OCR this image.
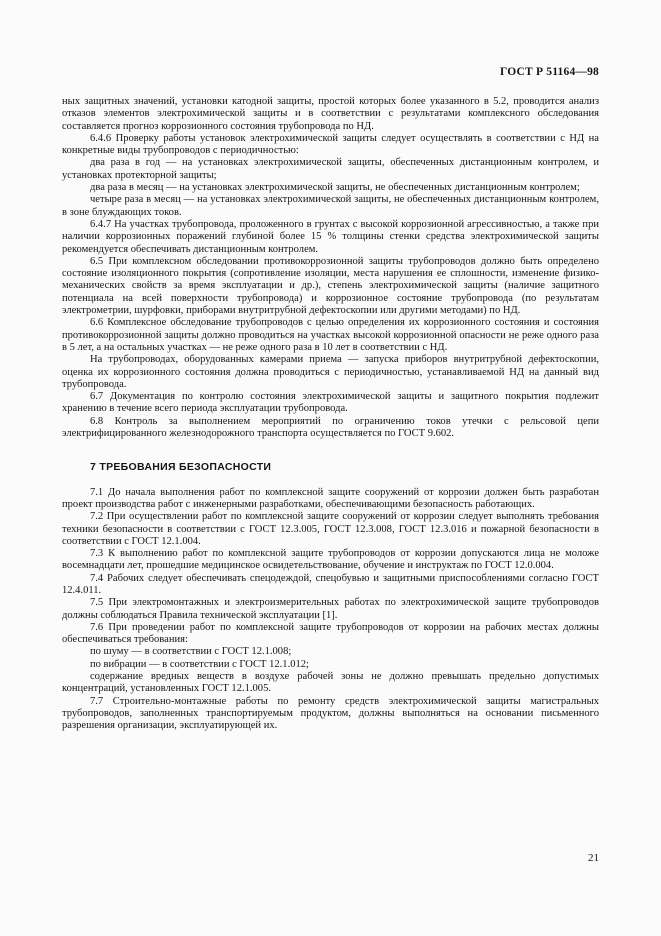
ГОСТ Р 51164—98

ных защитных значений, установки катодной защиты, простой которых более указанного в 5.2, проводится анализ отказов элементов электрохимической защиты и в соответствии с результатами комплексного обследования составляется прогноз коррозионного состояния трубопровода по НД.

6.4.6 Проверку работы установок электрохимической защиты следует осуществлять в соответствии с НД на конкретные виды трубопроводов с периодичностью:

два раза в год — на установках электрохимической защиты, обеспеченных дистанционным контролем, и установках протекторной защиты;

два раза в месяц — на установках электрохимической защиты, не обеспеченных дистанционным контролем;

четыре раза в месяц — на установках электрохимической защиты, не обеспеченных дистанционным контролем, в зоне блуждающих токов.

6.4.7 На участках трубопровода, проложенного в грунтах с высокой коррозионной агрессивностью, а также при наличии коррозионных поражений глубиной более 15 % толщины стенки средства электрохимической защиты рекомендуется обеспечивать дистанционным контролем.

6.5 При комплексном обследовании противокоррозионной защиты трубопроводов должно быть определено состояние изоляционного покрытия (сопротивление изоляции, места нарушения ее сплошности, изменение физико-механических свойств за время эксплуатации и др.), степень электрохимической защиты (наличие защитного потенциала на всей поверхности трубопровода) и коррозионное состояние трубопровода (по результатам электрометрии, шурфовки, приборами внутритрубной дефектоскопии или другими методами) по НД.

6.6 Комплексное обследование трубопроводов с целью определения их коррозионного состояния и состояния противокоррозионной защиты должно проводиться на участках высокой коррозионной опасности не реже одного раза в 5 лет, а на остальных участках — не реже одного раза в 10 лет в соответствии с НД.

На трубопроводах, оборудованных камерами приема — запуска приборов внутритрубной дефектоскопии, оценка их коррозионного состояния должна проводиться с периодичностью, устанавливаемой НД на данный вид трубопровода.

6.7 Документация по контролю состояния электрохимической защиты и защитного покрытия подлежит хранению в течение всего периода эксплуатации трубопровода.

6.8 Контроль за выполнением мероприятий по ограничению токов утечки с рельсовой цепи электрифицированного железнодорожного транспорта осуществляется по ГОСТ 9.602.

7 ТРЕБОВАНИЯ БЕЗОПАСНОСТИ

7.1 До начала выполнения работ по комплексной защите сооружений от коррозии должен быть разработан проект производства работ с инженерными разработками, обеспечивающими безопасность работающих.

7.2 При осуществлении работ по комплексной защите сооружений от коррозии следует выполнять требования техники безопасности в соответствии с ГОСТ 12.3.005, ГОСТ 12.3.008, ГОСТ 12.3.016 и пожарной безопасности в соответствии с ГОСТ 12.1.004.

7.3 К выполнению работ по комплексной защите трубопроводов от коррозии допускаются лица не моложе восемнадцати лет, прошедшие медицинское освидетельствование, обучение и инструктаж по ГОСТ 12.0.004.

7.4 Рабочих следует обеспечивать спецодеждой, спецобувью и защитными приспособлениями согласно ГОСТ 12.4.011.

7.5 При электромонтажных и электроизмерительных работах по электрохимической защите трубопроводов должны соблюдаться Правила технической эксплуатации [1].

7.6 При проведении работ по комплексной защите трубопроводов от коррозии на рабочих местах должны обеспечиваться требования:

по шуму — в соответствии с ГОСТ 12.1.008;

по вибрации — в соответствии с ГОСТ 12.1.012;

содержание вредных веществ в воздухе рабочей зоны не должно превышать предельно допустимых концентраций, установленных ГОСТ 12.1.005.

7.7 Строительно-монтажные работы по ремонту средств электрохимической защиты магистральных трубопроводов, заполненных транспортируемым продуктом, должны выполняться на основании письменного разрешения организации, эксплуатирующей их.

21
